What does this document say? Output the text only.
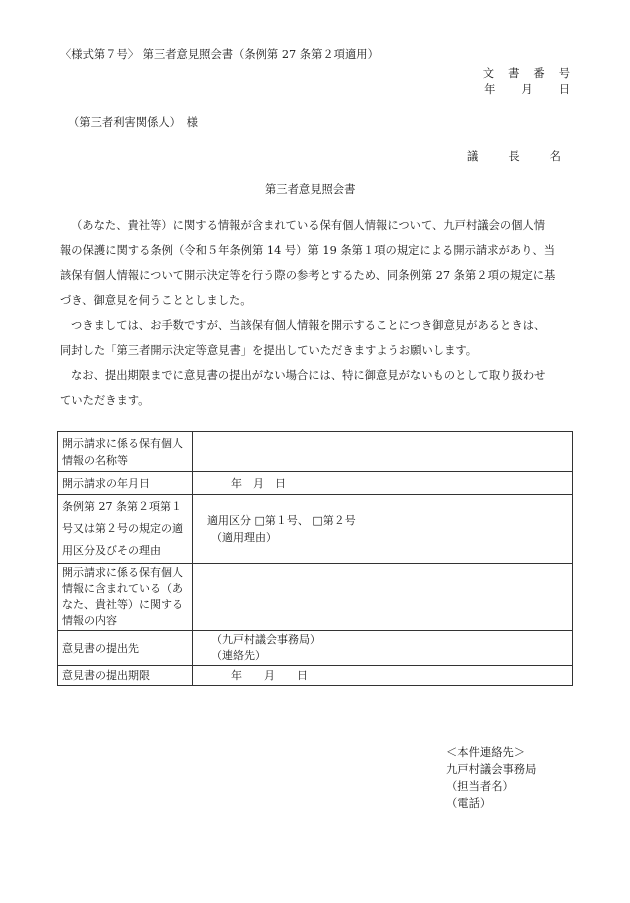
〈様式第７号〉 第三者意見照会書（条例第 27 条第２項適用）
文 書 番 号
年 月 日
（第三者利害関係人）　様
議	長	名
第三者意見照会書
（あなた、貴社等）に関する情報が含まれている保有個人情報について、九戸村議会の個人情
報の保護に関する条例（令和５年条例第 14 号）第 19 条第１項の規定による開示請求があり、当
該保有個人情報について開示決定等を行う際の参考とするため、同条例第 27 条第２項の規定に基
づき、御意見を伺うこととしました。
つきましては、お手数ですが、当該保有個人情報を開示することにつき御意見があるときは、
同封した「第三者開示決定等意見書」を提出していただきますようお願いします。
なお、提出期限までに意見書の提出がない場合には、特に御意見がないものとして取り扱わせ
ていただきます。
開示請求に係る保有個人情報の名称等	
開示請求の年月日	年　月　日
条例第 27 条第２項第１号又は第２号の規定の適用区分及びその理由	適用区分 □第１号、 □第２号
（適用理由）

開示請求に係る保有個人情報に含まれている（あなた、貴社等）に関する情報の内容	
意見書の提出先	（九戸村議会事務局）
（連絡先）

意見書の提出期限	年　　月　　日
＜本件連絡先＞
九戸村議会事務局
（担当者名）
（電話）
